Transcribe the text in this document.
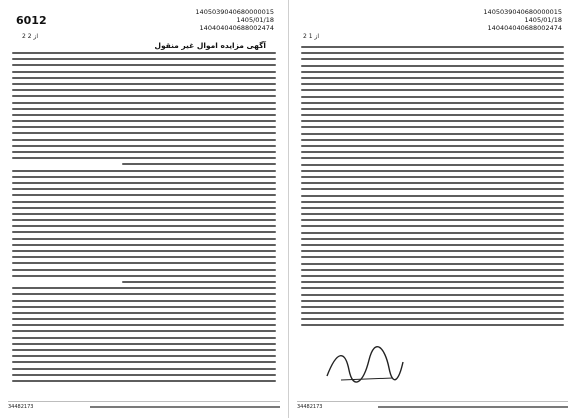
6012
1405039040680000015
1405/01/18
140404040688002474
2 از 2
آگهی مزایده اموال غیر منقول
34482173
1405039040680000015
1405/01/18
140404040688002474
2 از 1
34482173
